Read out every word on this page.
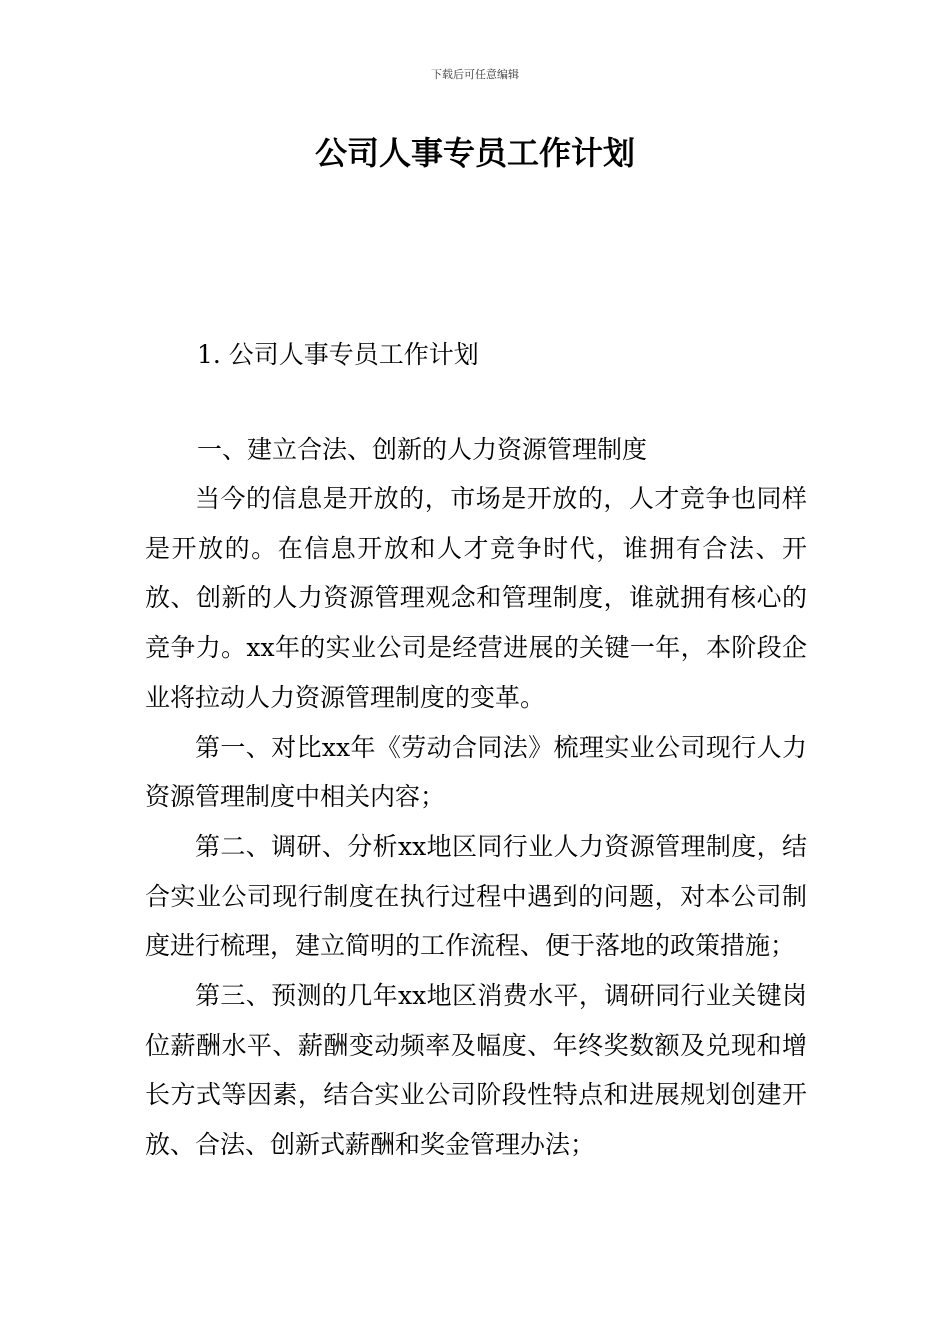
下载后可任意编辑
公司人事专员工作计划

1. 公司人事专员工作计划

一、建立合法、创新的人力资源管理制度

当今的信息是开放的，市场是开放的，人才竞争也同样是开放的。在信息开放和人才竞争时代，谁拥有合法、开放、创新的人力资源管理观念和管理制度，谁就拥有核心的竞争力。xx年的实业公司是经营进展的关键一年，本阶段企业将拉动人力资源管理制度的变革。

第一、对比xx年《劳动合同法》梳理实业公司现行人力资源管理制度中相关内容；

第二、调研、分析xx地区同行业人力资源管理制度，结合实业公司现行制度在执行过程中遇到的问题，对本公司制度进行梳理，建立简明的工作流程、便于落地的政策措施；

第三、预测的几年xx地区消费水平，调研同行业关键岗位薪酬水平、薪酬变动频率及幅度、年终奖数额及兑现和增长方式等因素，结合实业公司阶段性特点和进展规划创建开放、合法、创新式薪酬和奖金管理办法；
